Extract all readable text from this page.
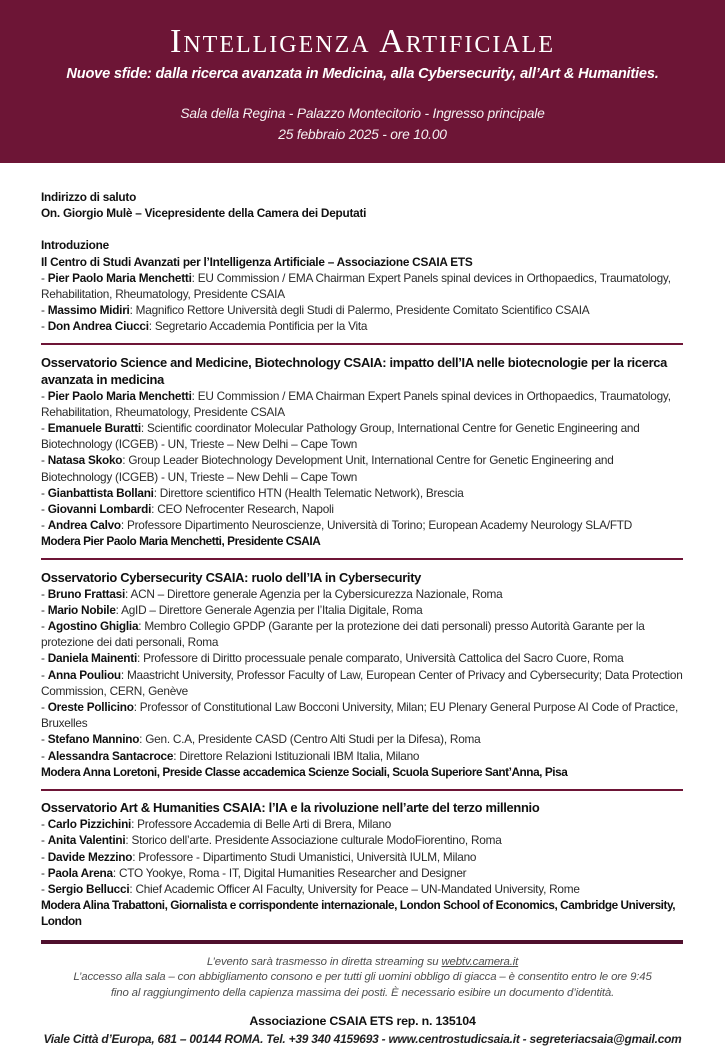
Intelligenza Artificiale

Nuove sfide: dalla ricerca avanzata in Medicina, alla Cybersecurity, all’Art & Humanities.

Sala della Regina - Palazzo Montecitorio - Ingresso principale

25 febbraio 2025 - ore 10.00

Indirizzo di saluto

On. Giorgio Mulè – Vicepresidente della Camera dei Deputati

Introduzione

Il Centro di Studi Avanzati per l’Intelligenza Artificiale – Associazione CSAIA ETS

- Pier Paolo Maria Menchetti: EU Commission / EMA Chairman Expert Panels spinal devices in Orthopaedics, Traumatology, Rehabilitation, Rheumatology, Presidente CSAIA

- Massimo Midiri: Magnifico Rettore Università degli Studi di Palermo, Presidente Comitato Scientifico CSAIA

- Don Andrea Ciucci: Segretario Accademia Pontificia per la Vita

Osservatorio Science and Medicine, Biotechnology CSAIA: impatto dell’IA nelle biotecnologie per la ricerca avanzata in medicina

- Pier Paolo Maria Menchetti: EU Commission / EMA Chairman Expert Panels spinal devices in Orthopaedics, Traumatology, Rehabilitation, Rheumatology, Presidente CSAIA

- Emanuele Buratti: Scientific coordinator Molecular Pathology Group, International Centre for Genetic Engineering and Biotechnology (ICGEB) - UN, Trieste – New Delhi – Cape Town

- Natasa Skoko: Group Leader Biotechnology Development Unit, International Centre for Genetic Engineering and Biotechnology (ICGEB) - UN, Trieste – New Dehli – Cape Town

- Gianbattista Bollani: Direttore scientifico HTN (Health Telematic Network), Brescia

- Giovanni Lombardi: CEO Nefrocenter Research, Napoli

- Andrea Calvo: Professore Dipartimento Neuroscienze, Università di Torino; European Academy Neurology SLA/FTD

Modera Pier Paolo Maria Menchetti, Presidente CSAIA

Osservatorio Cybersecurity CSAIA: ruolo dell’IA in Cybersecurity

- Bruno Frattasi: ACN – Direttore generale Agenzia per la Cybersicurezza Nazionale, Roma

- Mario Nobile: AgID – Direttore Generale Agenzia per l’Italia Digitale, Roma

- Agostino Ghiglia: Membro Collegio GPDP (Garante per la protezione dei dati personali) presso Autorità Garante per la protezione dei dati personali, Roma

- Daniela Mainenti: Professore di Diritto processuale penale comparato, Università Cattolica del Sacro Cuore, Roma

- Anna Pouliou: Maastricht University, Professor Faculty of Law, European Center of Privacy and Cybersecurity; Data Protection Commission, CERN, Genève

- Oreste Pollicino: Professor of Constitutional Law Bocconi University, Milan; EU Plenary General Purpose AI Code of Practice, Bruxelles

- Stefano Mannino: Gen. C.A, Presidente CASD (Centro Alti Studi per la Difesa), Roma

- Alessandra Santacroce: Direttore Relazioni Istituzionali IBM Italia, Milano

Modera Anna Loretoni, Preside Classe accademica Scienze Sociali, Scuola Superiore Sant’Anna, Pisa

Osservatorio Art & Humanities CSAIA: l’IA e la rivoluzione nell’arte del terzo millennio

- Carlo Pizzichini: Professore Accademia di Belle Arti di Brera, Milano

- Anita Valentini: Storico dell’arte. Presidente Associazione culturale ModoFiorentino, Roma

- Davide Mezzino: Professore - Dipartimento Studi Umanistici, Università IULM, Milano

- Paola Arena: CTO Yookye, Roma - IT, Digital Humanities Researcher and Designer

- Sergio Bellucci: Chief Academic Officer AI Faculty, University for Peace – UN-Mandated University, Rome

Modera Alina Trabattoni, Giornalista e corrispondente internazionale, London School of Economics, Cambridge University, London

L’evento sarà trasmesso in diretta streaming su webtv.camera.it

L’accesso alla sala – con abbigliamento consono e per tutti gli uomini obbligo di giacca – è consentito entro le ore 9:45

fino al raggiungimento della capienza massima dei posti. È necessario esibire un documento d’identità.

Associazione CSAIA ETS rep. n. 135104

Viale Città d’Europa, 681 – 00144 ROMA. Tel. +39 340 4159693 - www.centrostudicsaia.it - segreteriacsaia@gmail.com
